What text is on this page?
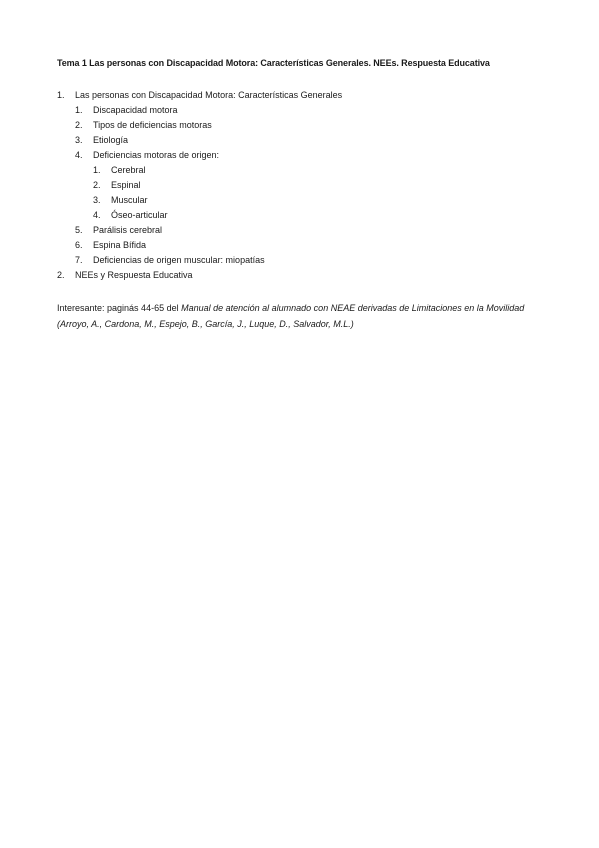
Tema 1 Las personas con Discapacidad Motora: Características Generales. NEEs. Respuesta Educativa
1. Las personas con Discapacidad Motora: Características Generales
1. Discapacidad motora
2. Tipos de deficiencias motoras
3. Etiología
4. Deficiencias motoras de origen:
1. Cerebral
2. Espinal
3. Muscular
4. Óseo-articular
5. Parálisis cerebral
6. Espina Bífida
7. Deficiencias de origen muscular: miopatías
2. NEEs y Respuesta Educativa
Interesante: paginás 44-65 del Manual de atención al alumnado con NEAE derivadas de Limitaciones en la Movilidad (Arroyo, A., Cardona, M., Espejo, B., García, J., Luque, D., Salvador, M.L.)
